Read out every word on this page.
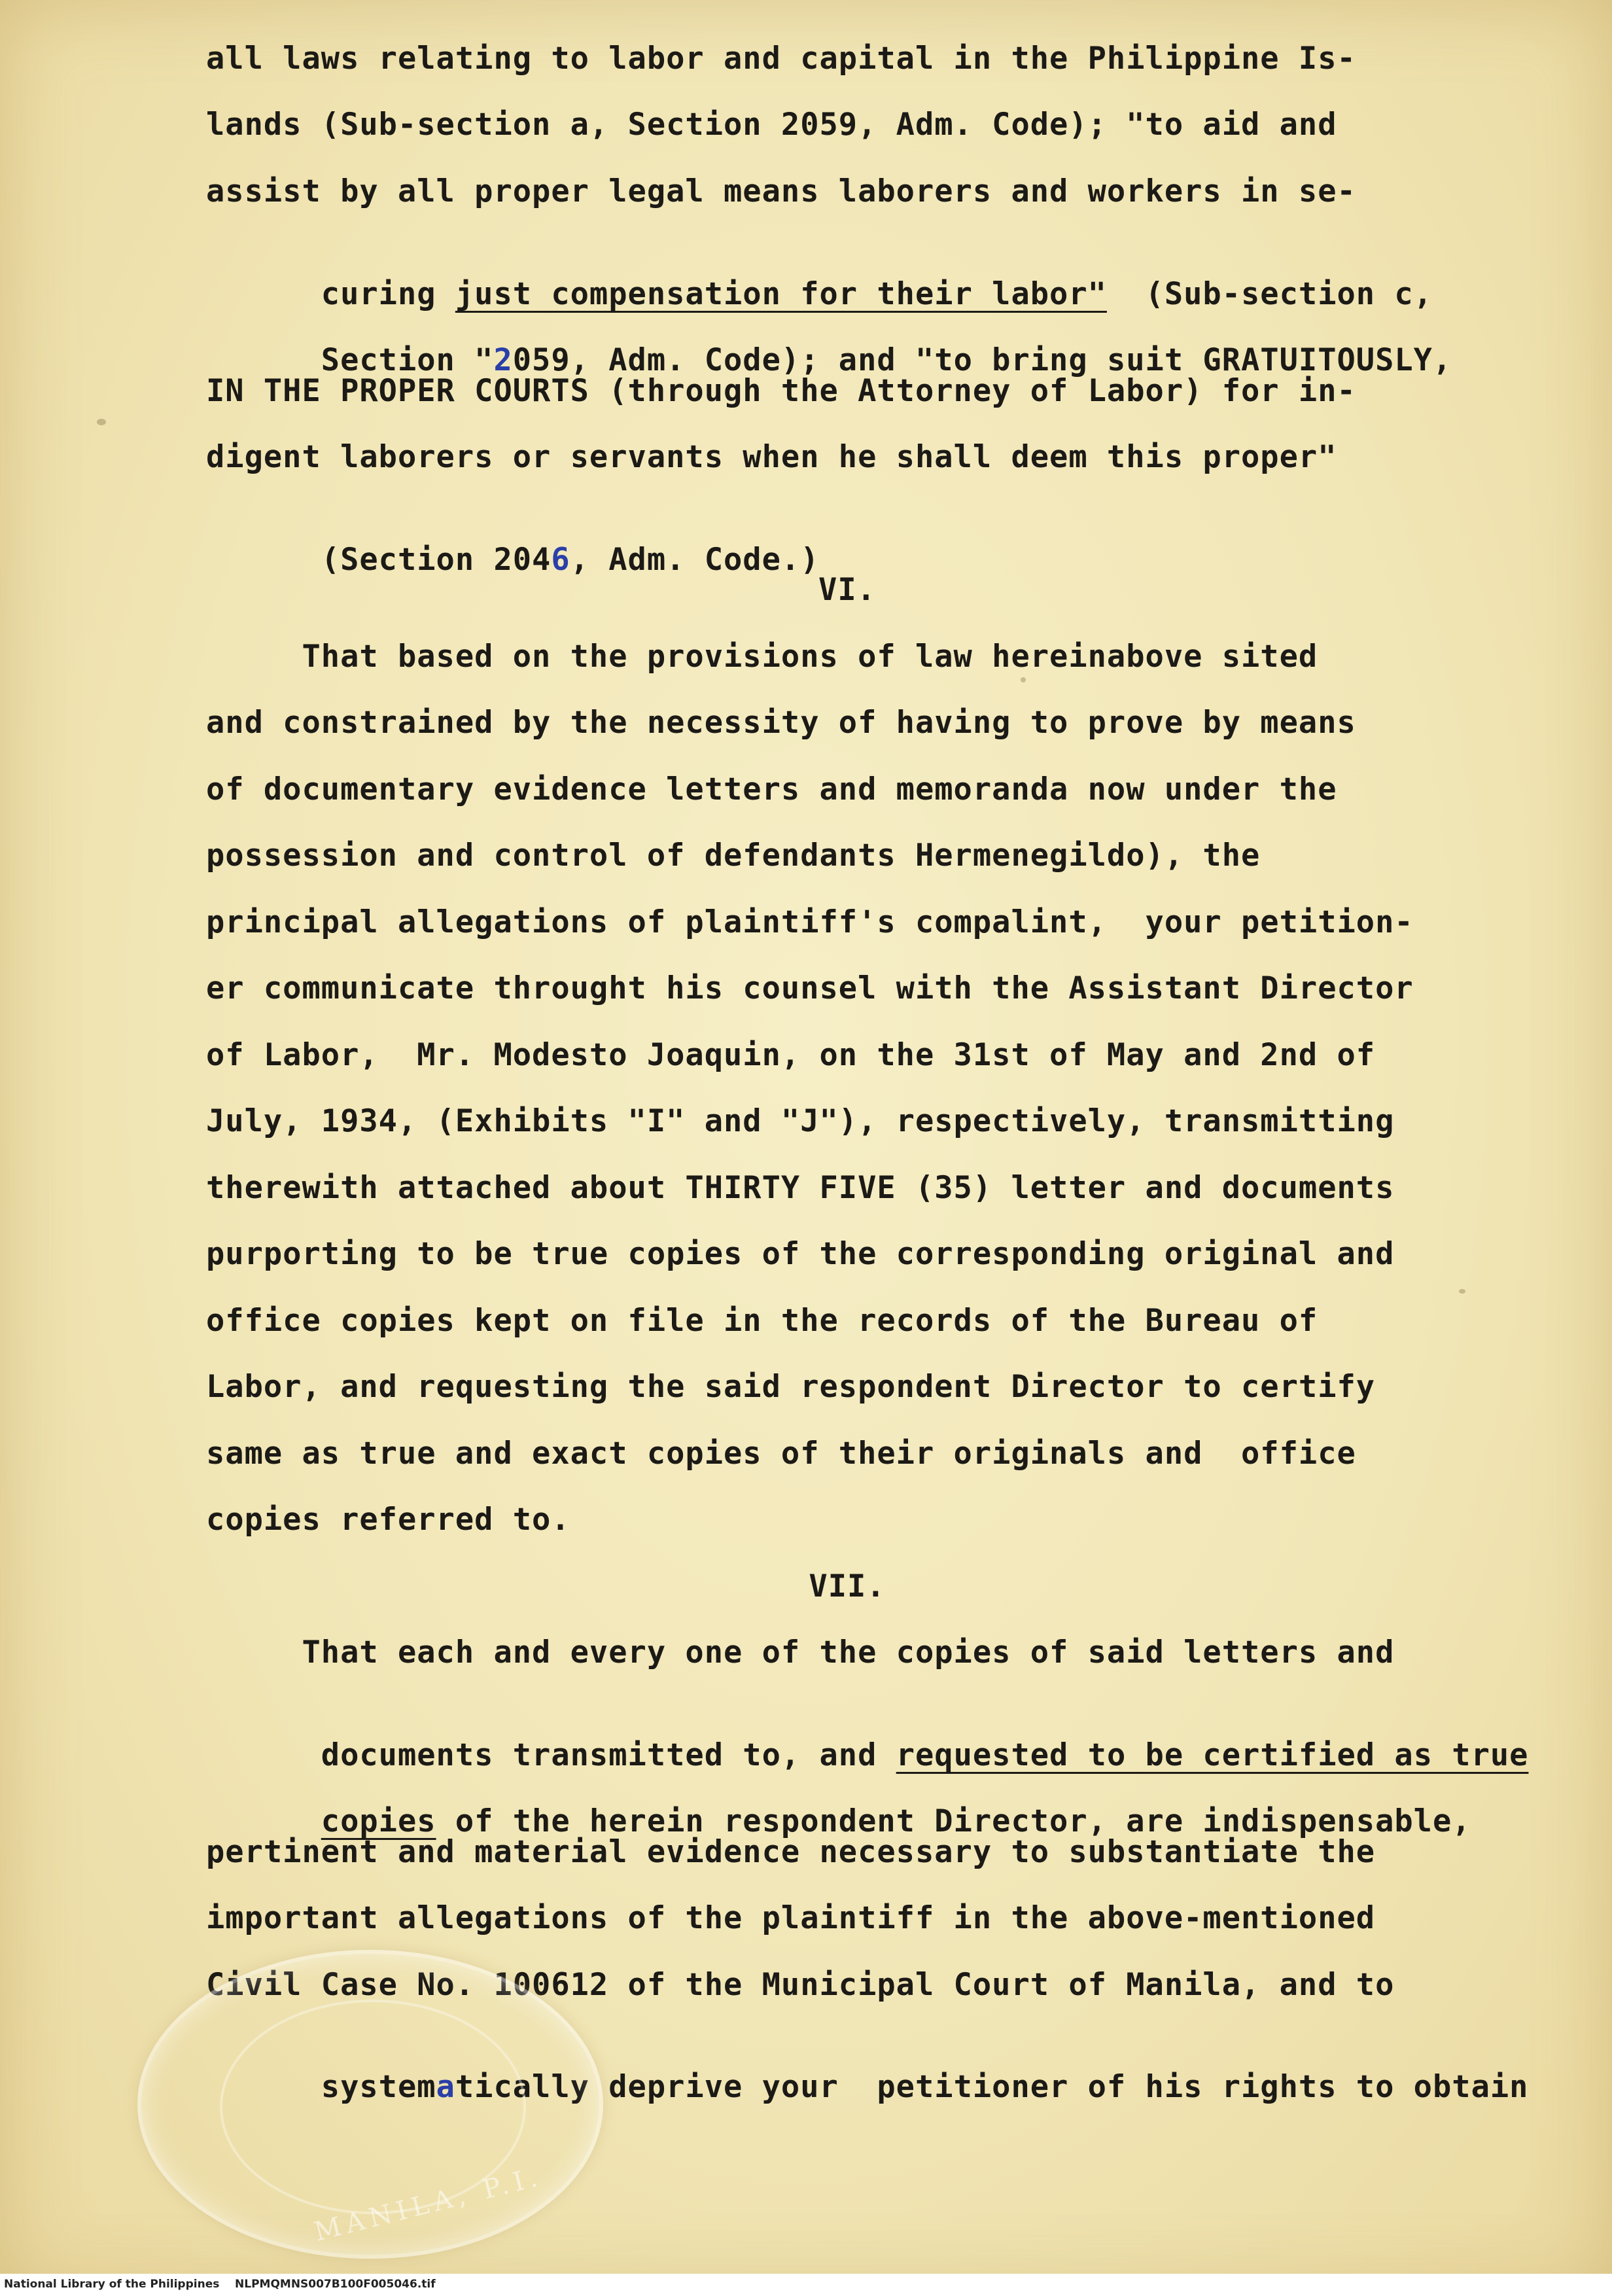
all laws relating to labor and capital in the Philippine Is-
lands (Sub-section a, Section 2059, Adm. Code); "to aid and
assist by all proper legal means laborers and workers in se-

curing just compensation for their labor"  (Sub-section c,

Section "2059, Adm. Code); and "to bring suit GRATUITOUSLY,

IN THE PROPER COURTS (through the Attorney of Labor) for in-
digent laborers or servants when he shall deem this proper"

(Section 2046, Adm. Code.)

VI.
That based on the provisions of law hereinabove sited
and constrained by the necessity of having to prove by means
of documentary evidence letters and memoranda now under the
possession and control of defendants Hermenegildo), the
principal allegations of plaintiff's compalint,  your petition-
er communicate throught his counsel with the Assistant Director
of Labor,  Mr. Modesto Joaquin, on the 31st of May and 2nd of
July, 1934, (Exhibits "I" and "J"), respectively, transmitting
therewith attached about THIRTY FIVE (35) letter and documents
purporting to be true copies of the corresponding original and
office copies kept on file in the records of the Bureau of
Labor, and requesting the said respondent Director to certify
same as true and exact copies of their originals and  office
copies referred to.
VII.
That each and every one of the copies of said letters and

documents transmitted to, and requested to be certified as true

copies of the herein respondent Director, are indispensable,

pertinent and material evidence necessary to substantiate the
important allegations of the plaintiff in the above-mentioned
Civil Case No. 100612 of the Municipal Court of Manila, and to

systematically deprive your  petitioner of his rights to obtain

MANILA, P.I.
National Library of the Philippines    NLPMQMNS007B100F005046.tif
